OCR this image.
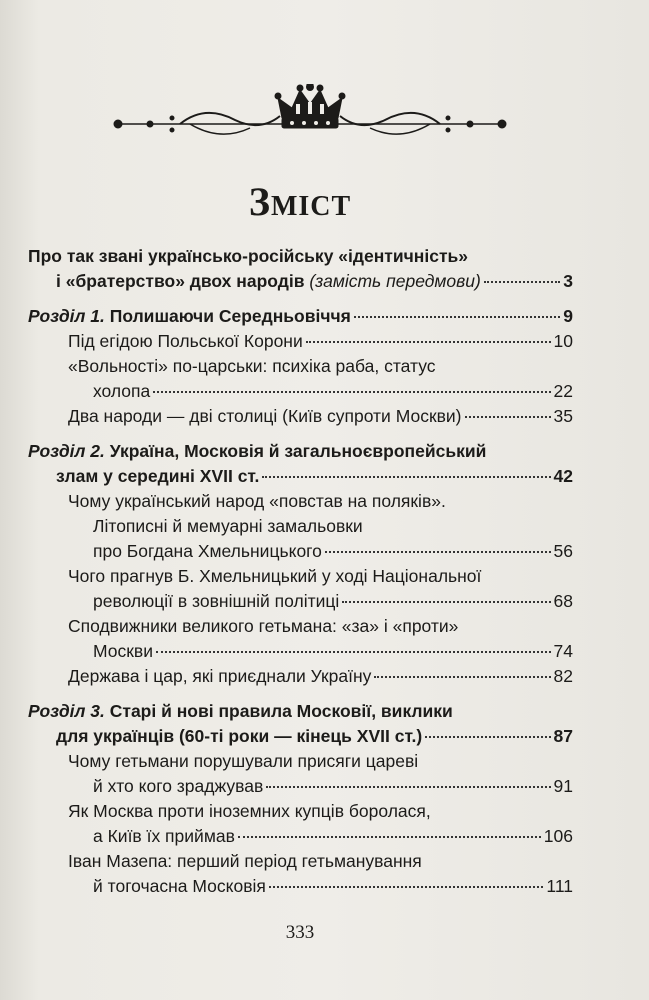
Зміст
Про так звані українсько-російську «ідентичність»
і «братерство» двох народів (замість передмови)	3
Розділ 1. Полишаючи Середньовіччя	9
Під егідою Польської Корони	10
«Вольності» по-царськи: психіка раба, статус
холопа	22
Два народи — дві столиці (Київ супроти Москви)	35
Розділ 2. Україна, Московія й загальноєвропейський
злам у середині XVII ст.	42
Чому український народ «повстав на поляків».
Літописні й мемуарні замальовки
про Богдана Хмельницького	56
Чого прагнув Б. Хмельницький у ході Національної
революції в зовнішній політиці	68
Сподвижники великого гетьмана: «за» і «проти»
Москви	74
Держава і цар, які приєднали Україну	82
Розділ 3. Старі й нові правила Московії, виклики
для українців (60-ті роки — кінець XVII ст.)	87
Чому гетьмани порушували присяги цареві
й хто кого зраджував	91
Як Москва проти іноземних купців боролася,
а Київ їх приймав	106
Іван Мазепа: перший період гетьманування
й тогочасна Московія	111
333
